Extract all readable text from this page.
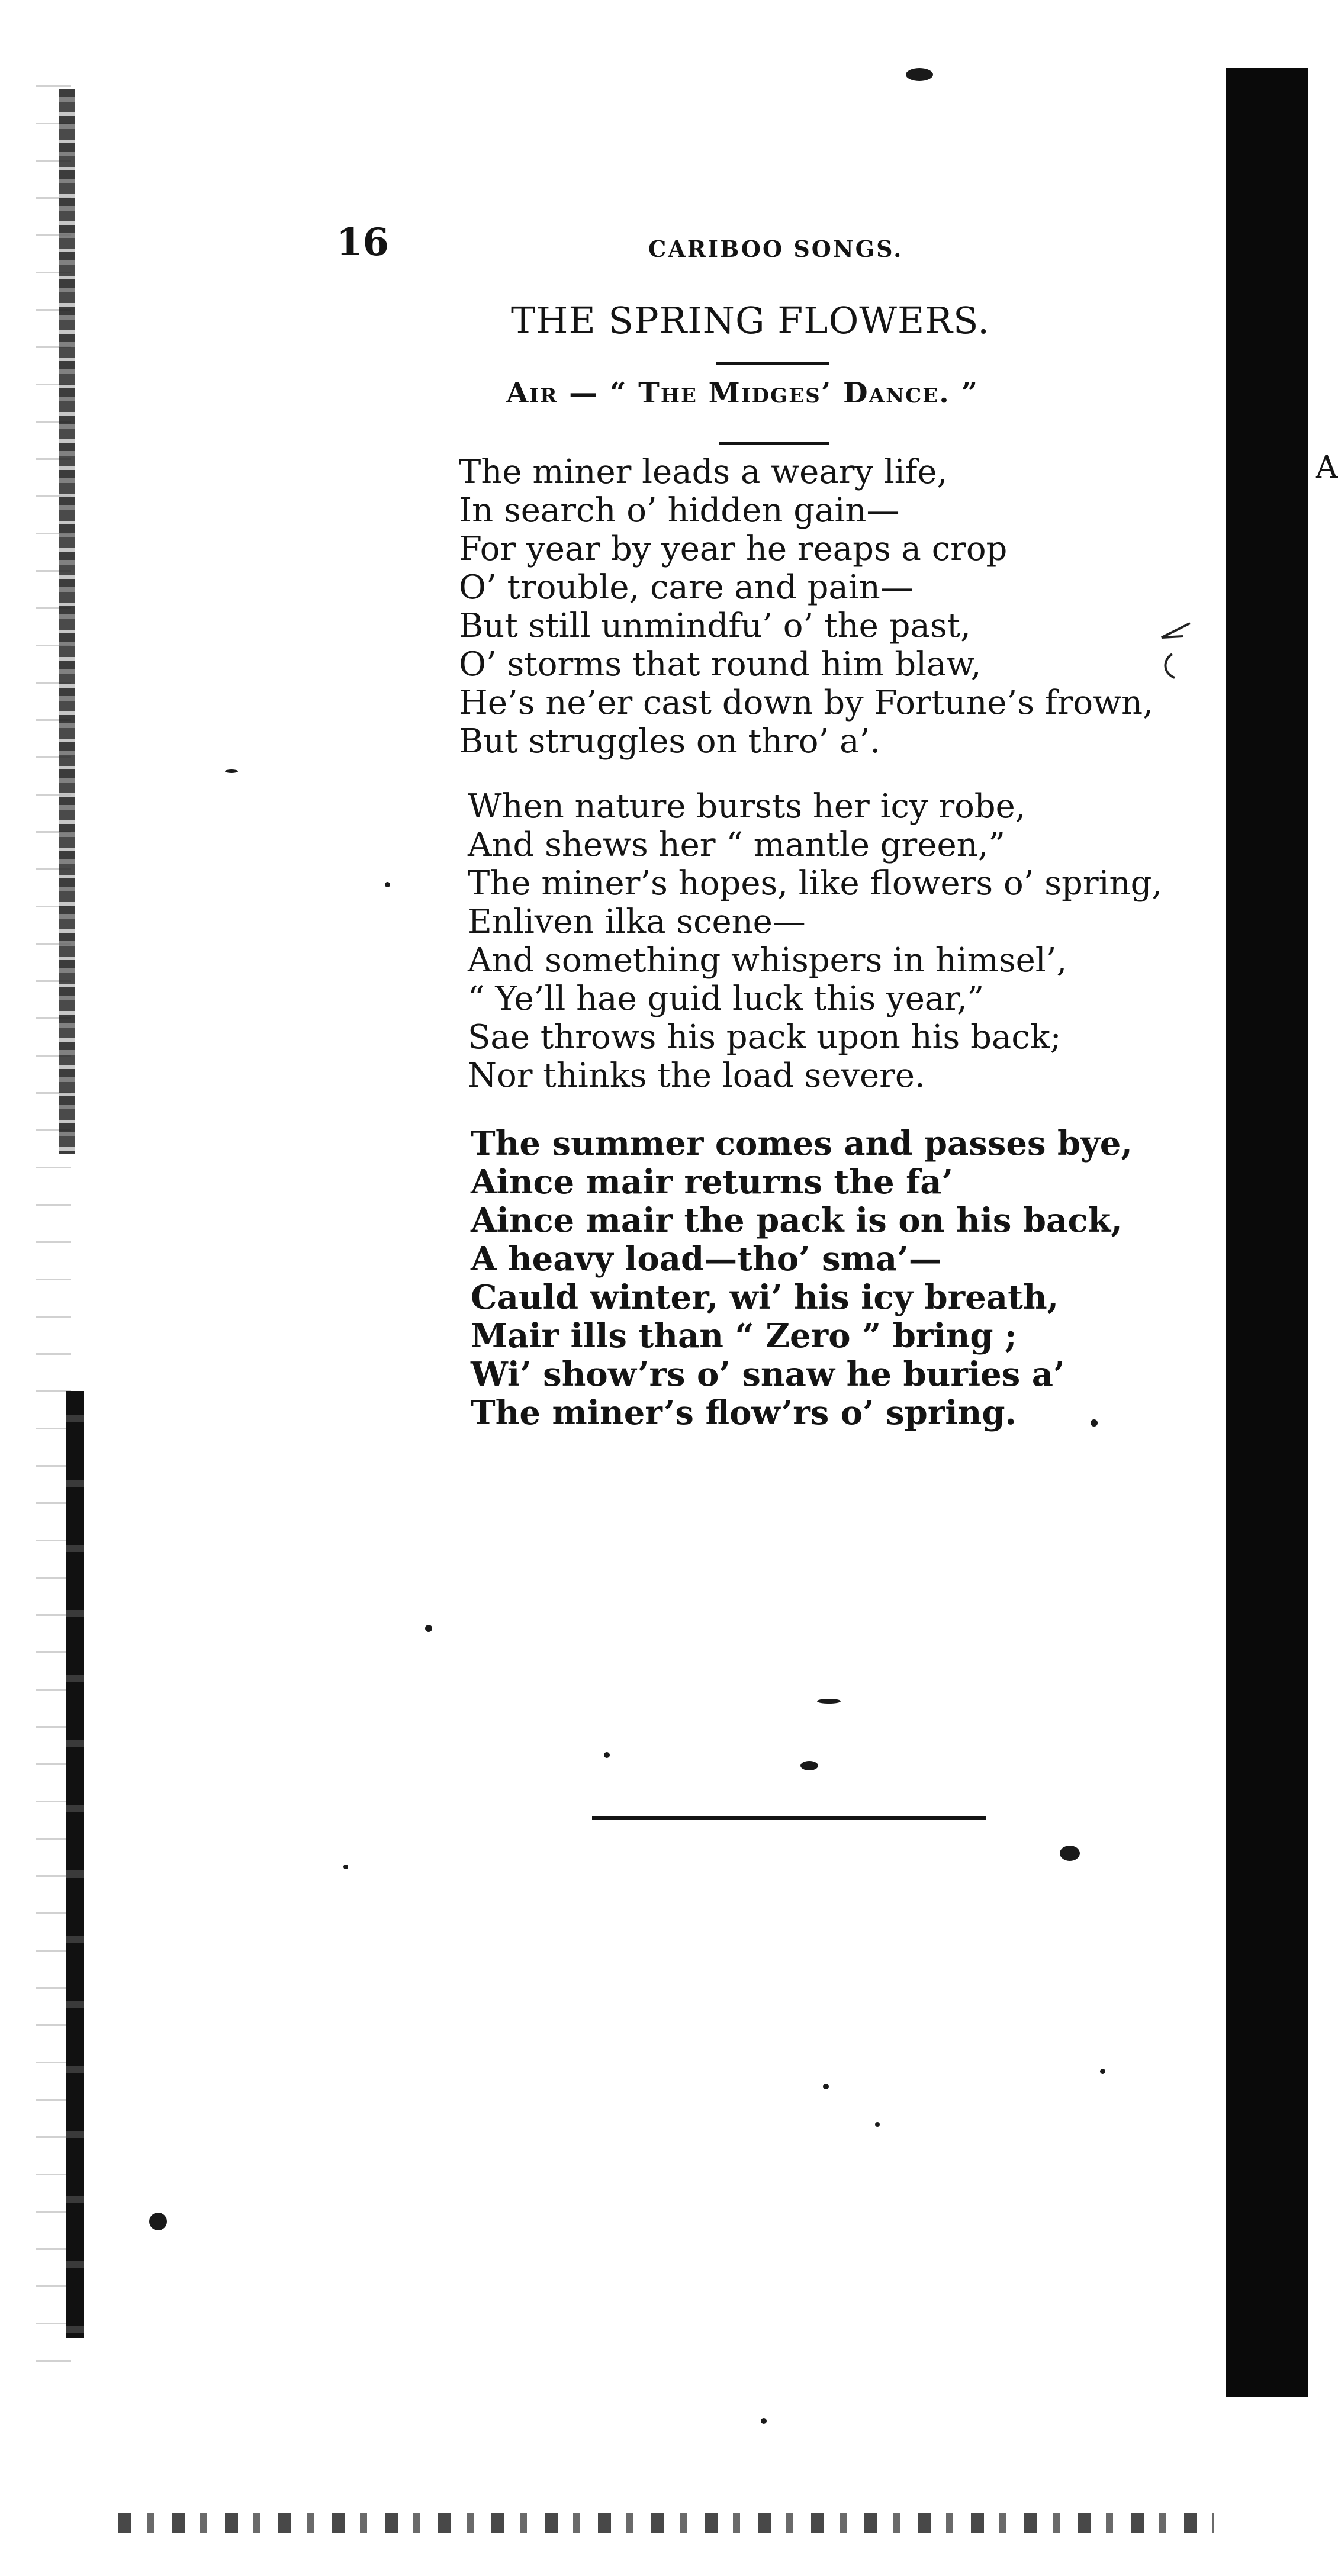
A
16	CARIBOO SONGS.
THE SPRING FLOWERS.
Air — “ The Midges’ Dance. ”
The miner leads a weary life,
In search o’ hidden gain—
For year by year he reaps a crop
O’ trouble, care and pain—
But still unmindfu’ o’ the past,
O’ storms that round him blaw,
He’s ne’er cast down by Fortune’s frown,
But struggles on thro’ a’.
When nature bursts her icy robe,
And shews her “ mantle green,”
The miner’s hopes, like flowers o’ spring,
Enliven ilka scene—
And something whispers in himsel’,
“ Ye’ll hae guid luck this year,”
Sae throws his pack upon his back;
Nor thinks the load severe.
The summer comes and passes bye,
Aince mair returns the fa’
Aince mair the pack is on his back,
A heavy load—tho’ sma’—
Cauld winter, wi’ his icy breath,
Mair ills than “ Zero ” bring ;
Wi’ show’rs o’ snaw he buries a’
The miner’s flow’rs o’ spring.
